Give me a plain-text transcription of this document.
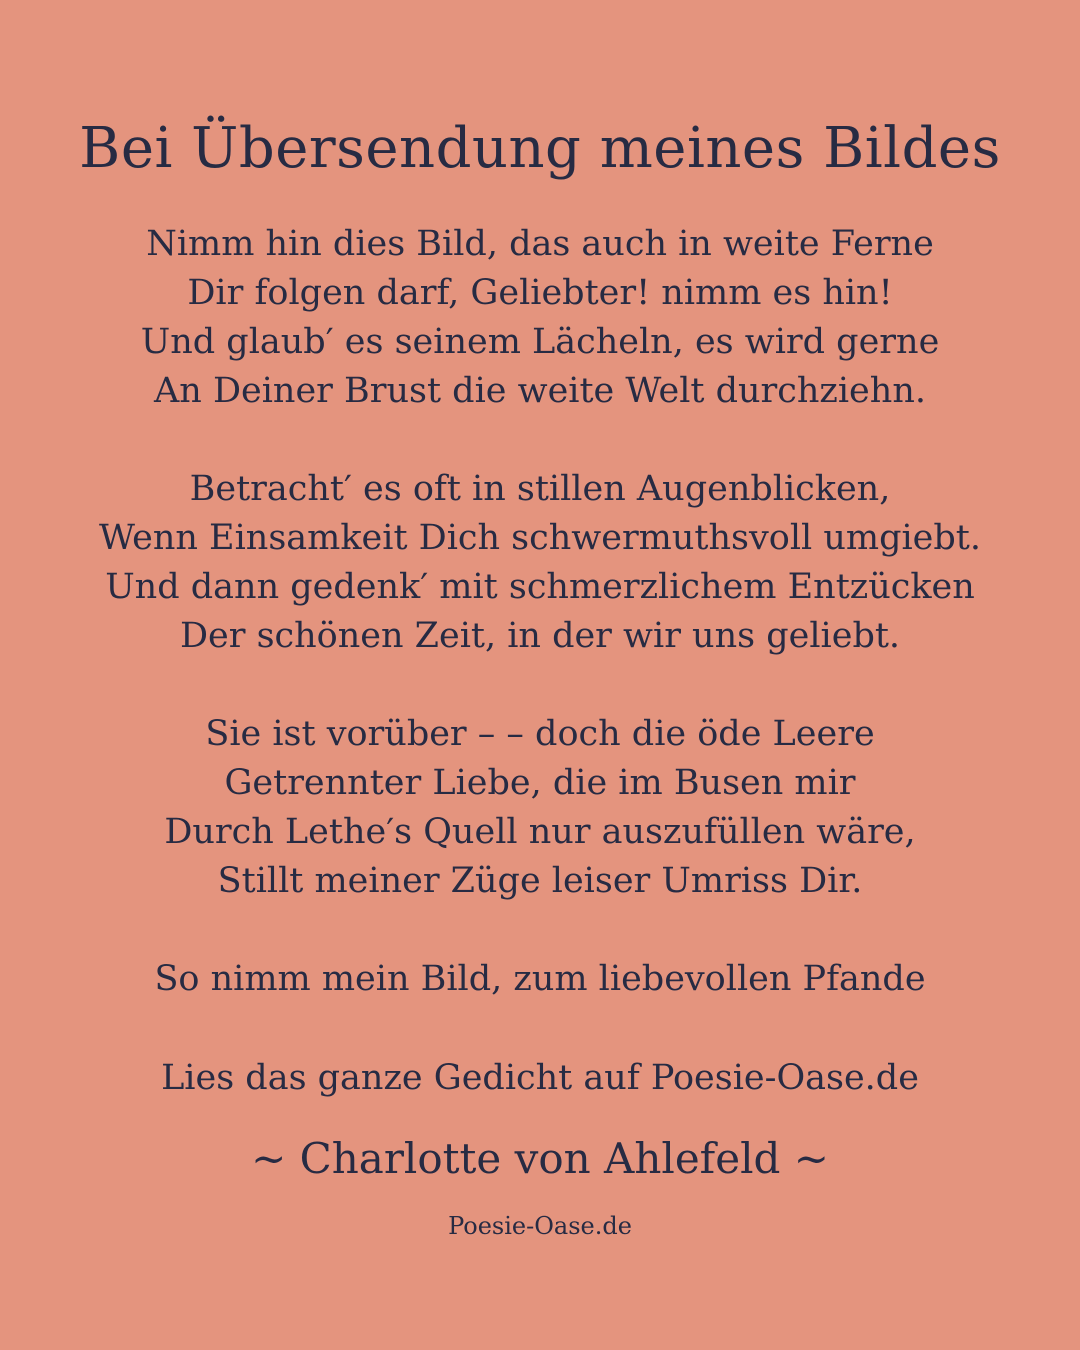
Bei Übersendung meines Bildes
Nimm hin dies Bild, das auch in weite Ferne
Dir folgen darf, Geliebter! nimm es hin!
Und glaub′ es seinem Lächeln, es wird gerne
An Deiner Brust die weite Welt durchziehn.
Betracht′ es oft in stillen Augenblicken,
Wenn Einsamkeit Dich schwermuthsvoll umgiebt.
Und dann gedenk′ mit schmerzlichem Entzücken
Der schönen Zeit, in der wir uns geliebt.
Sie ist vorüber – – doch die öde Leere
Getrennter Liebe, die im Busen mir
Durch Lethe′s Quell nur auszufüllen wäre,
Stillt meiner Züge leiser Umriss Dir.
So nimm mein Bild, zum liebevollen Pfande

Lies das ganze Gedicht auf Poesie-Oase.de

~ Charlotte von Ahlefeld ~

Poesie-Oase.de
